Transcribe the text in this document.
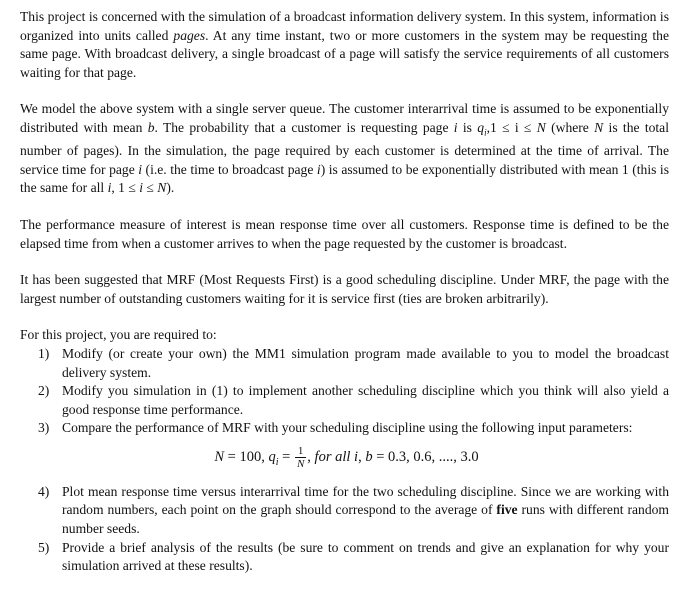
This project is concerned with the simulation of a broadcast information delivery system. In this system, information is organized into units called pages. At any time instant, two or more customers in the system may be requesting the same page. With broadcast delivery, a single broadcast of a page will satisfy the service requirements of all customers waiting for that page.

We model the above system with a single server queue. The customer interarrival time is assumed to be exponentially distributed with mean b. The probability that a customer is requesting page i is $q_i,1 \le i \le N$ (where N is the total number of pages). In the simulation, the page required by each customer is determined at the time of arrival. The service time for page i (i.e. the time to broadcast page i) is assumed to be exponentially distributed with mean 1 (this is the same for all i, 1 ≤ i ≤ N).

The performance measure of interest is mean response time over all customers. Response time is defined to be the elapsed time from when a customer arrives to when the page requested by the customer is broadcast.

It has been suggested that MRF (Most Requests First) is a good scheduling discipline. Under MRF, the page with the largest number of outstanding customers waiting for it is service first (ties are broken arbitrarily).

For this project, you are required to:

1) Modify (or create your own) the MM1 simulation program made available to you to model the broadcast delivery system.
2) Modify you simulation in (1) to implement another scheduling discipline which you think will also yield a good response time performance.
3) Compare the performance of MRF with your scheduling discipline using the following input parameters:
N = 100, $q_i = \frac{1}{N}$ , for all i, b = 0.3, 0.6, ...., 3.0
4) Plot mean response time versus interarrival time for the two scheduling discipline. Since we are working with random numbers, each point on the graph should correspond to the average of five runs with different random number seeds.
5) Provide a brief analysis of the results (be sure to comment on trends and give an explanation for why your simulation arrived at these results).
